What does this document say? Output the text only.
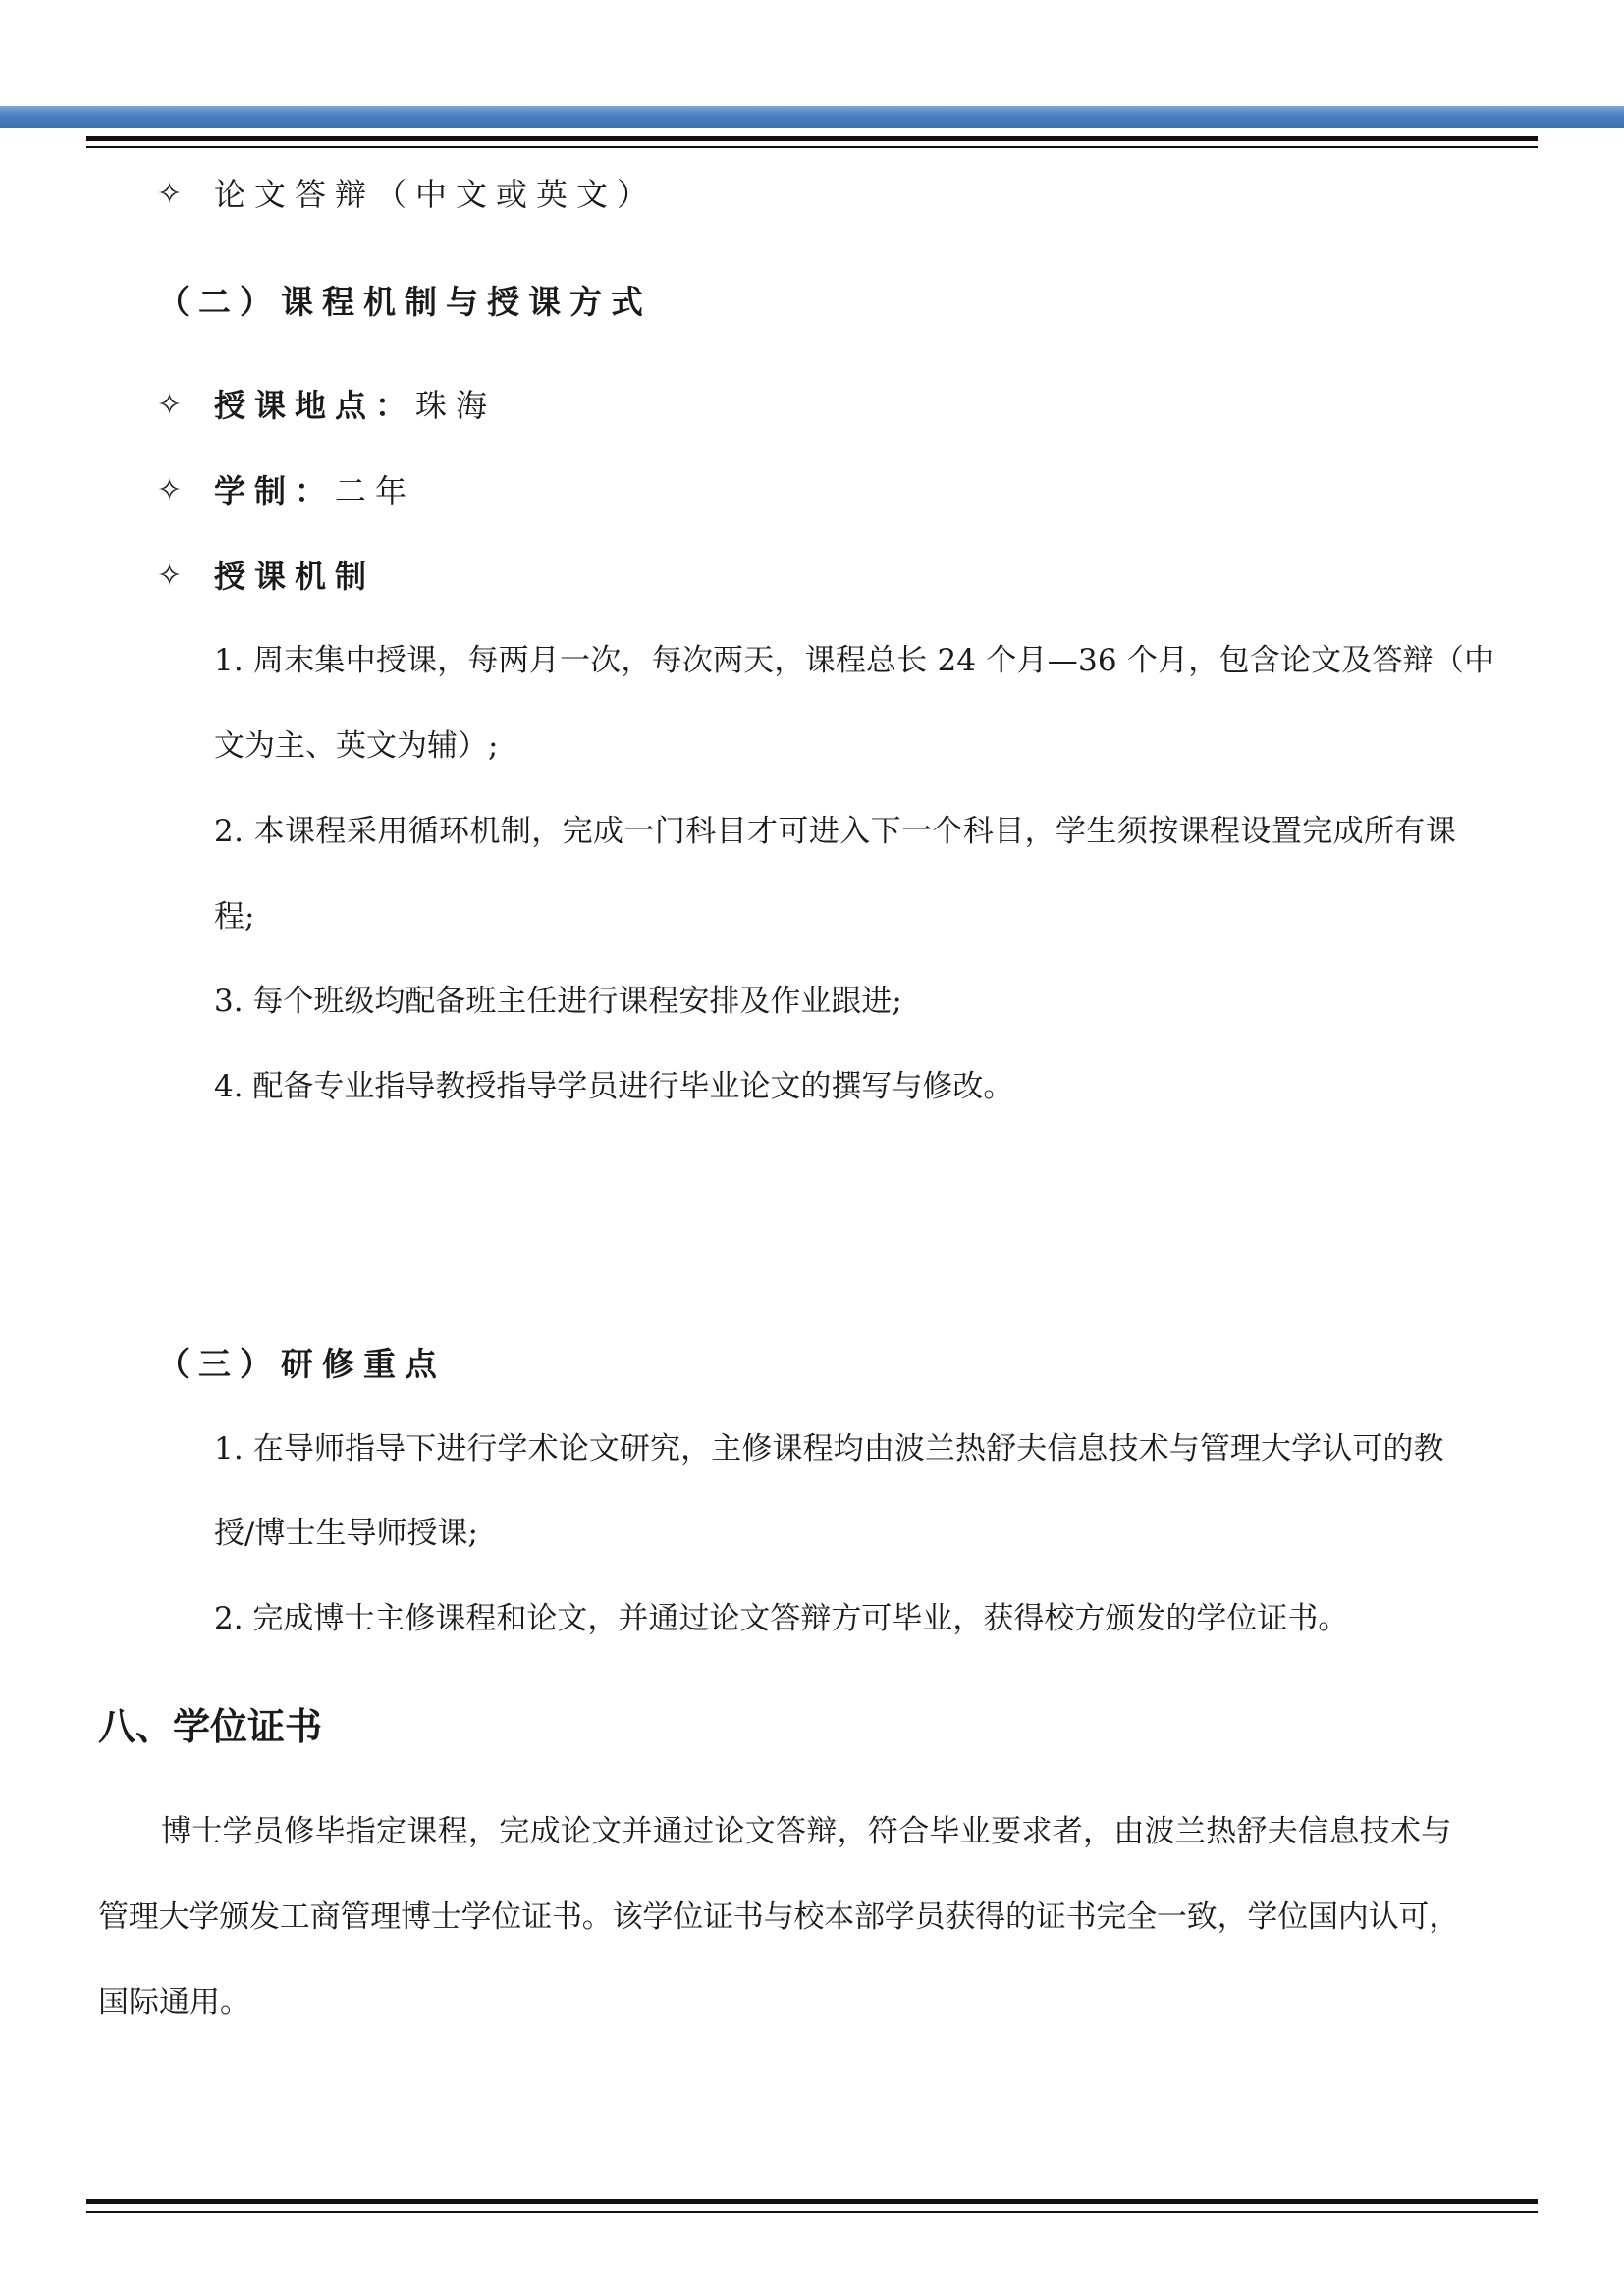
✧ 论文答辩（中文或英文）
（二）课程机制与授课方式
✧ 授课地点：珠海
✧ 学制：二年
✧ 授课机制
1. 周末集中授课，每两月一次，每次两天，课程总长 24 个月—36 个月，包含论文及答辩（中
文为主、英文为辅）;
2. 本课程采用循环机制，完成一门科目才可进入下一个科目，学生须按课程设置完成所有课
程;
3. 每个班级均配备班主任进行课程安排及作业跟进;
4. 配备专业指导教授指导学员进行毕业论文的撰写与修改。
（三）研修重点
1. 在导师指导下进行学术论文研究，主修课程均由波兰热舒夫信息技术与管理大学认可的教
授/博士生导师授课;
2. 完成博士主修课程和论文，并通过论文答辩方可毕业，获得校方颁发的学位证书。
八、学位证书
博士学员修毕指定课程，完成论文并通过论文答辩，符合毕业要求者，由波兰热舒夫信息技术与
管理大学颁发工商管理博士学位证书。该学位证书与校本部学员获得的证书完全一致，学位国内认可，
国际通用。
